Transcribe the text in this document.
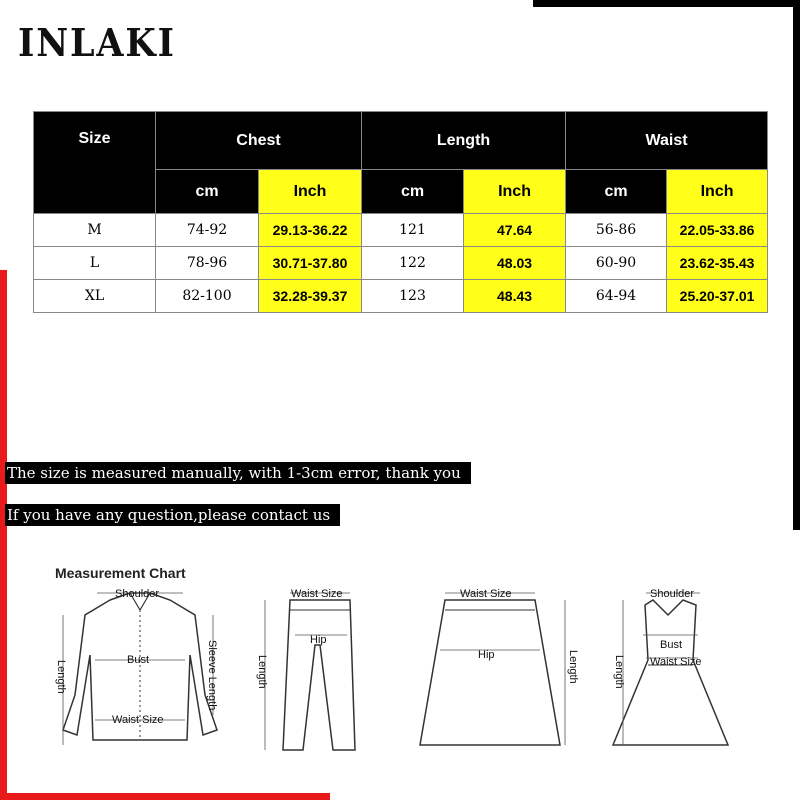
INLAKI
Size	Chest		Length		Waist	
	cm	Inch	cm	Inch	cm	Inch
M	74-92	29.13-36.22	121	47.64	56-86	22.05-33.86
L	78-96	30.71-37.80	122	48.03	60-90	23.62-35.43
XL	82-100	32.28-39.37	123	48.43	64-94	25.20-37.01
The size is measured manually, with 1-3cm error, thank you
If you have any question,please contact us
Measurement Chart
Shoulder
Bust
Waist Size
Length	Sleeve Length
Waist Size
Hip
Length
Waist Size
Hip	Length
Shoulder
Bust
Waist Size
Length
